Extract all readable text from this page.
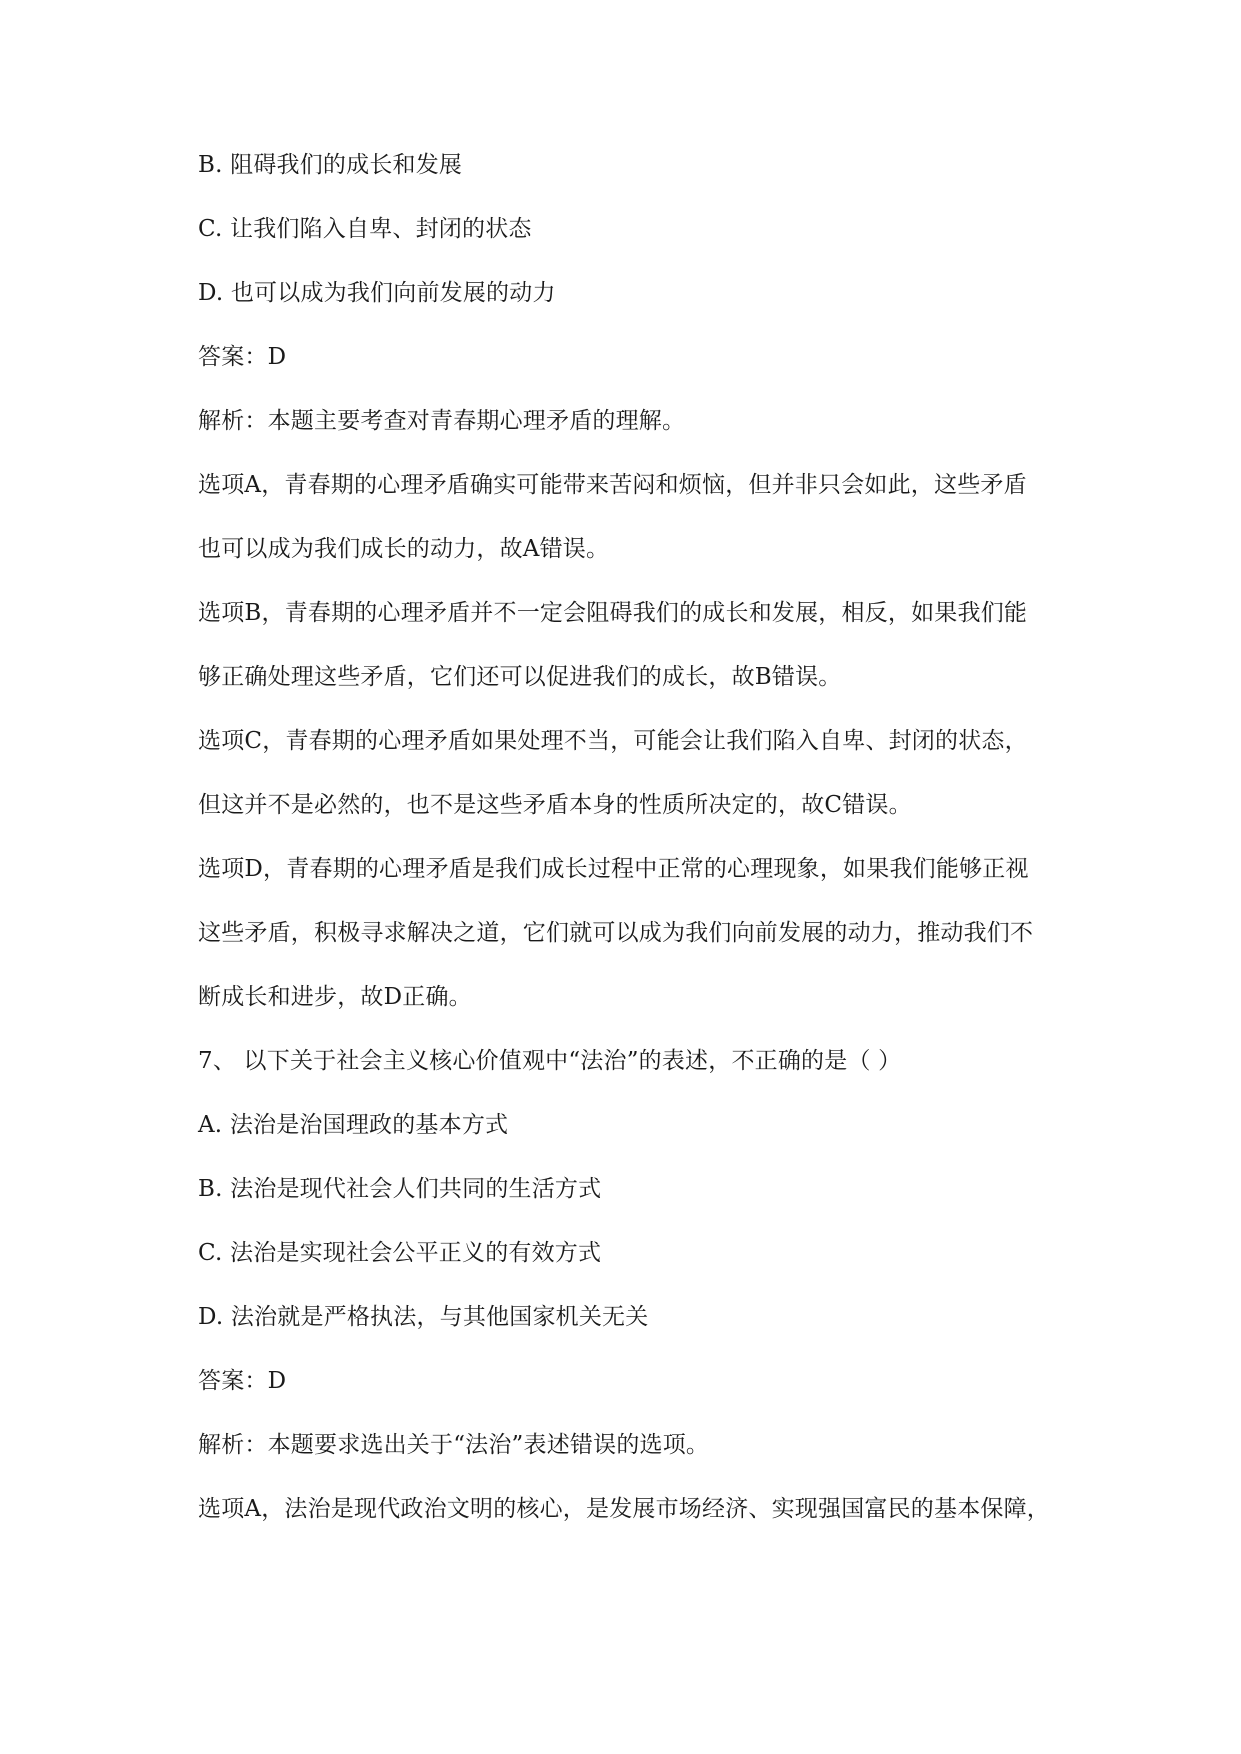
B. 阻碍我们的成长和发展
C. 让我们陷入自卑、封闭的状态
D. 也可以成为我们向前发展的动力
答案：D
解析：本题主要考查对青春期心理矛盾的理解。
选项A，青春期的心理矛盾确实可能带来苦闷和烦恼，但并非只会如此，这些矛盾
也可以成为我们成长的动力，故A错误。
选项B，青春期的心理矛盾并不一定会阻碍我们的成长和发展，相反，如果我们能
够正确处理这些矛盾，它们还可以促进我们的成长，故B错误。
选项C，青春期的心理矛盾如果处理不当，可能会让我们陷入自卑、封闭的状态，
但这并不是必然的，也不是这些矛盾本身的性质所决定的，故C错误。
选项D，青春期的心理矛盾是我们成长过程中正常的心理现象，如果我们能够正视
这些矛盾，积极寻求解决之道，它们就可以成为我们向前发展的动力，推动我们不
断成长和进步，故D正确。
7、 以下关于社会主义核心价值观中“法治”的表述，不正确的是（ ）
A. 法治是治国理政的基本方式
B. 法治是现代社会人们共同的生活方式
C. 法治是实现社会公平正义的有效方式
D. 法治就是严格执法，与其他国家机关无关
答案：D
解析：本题要求选出关于“法治”表述错误的选项。
选项A，法治是现代政治文明的核心，是发展市场经济、实现强国富民的基本保障，
